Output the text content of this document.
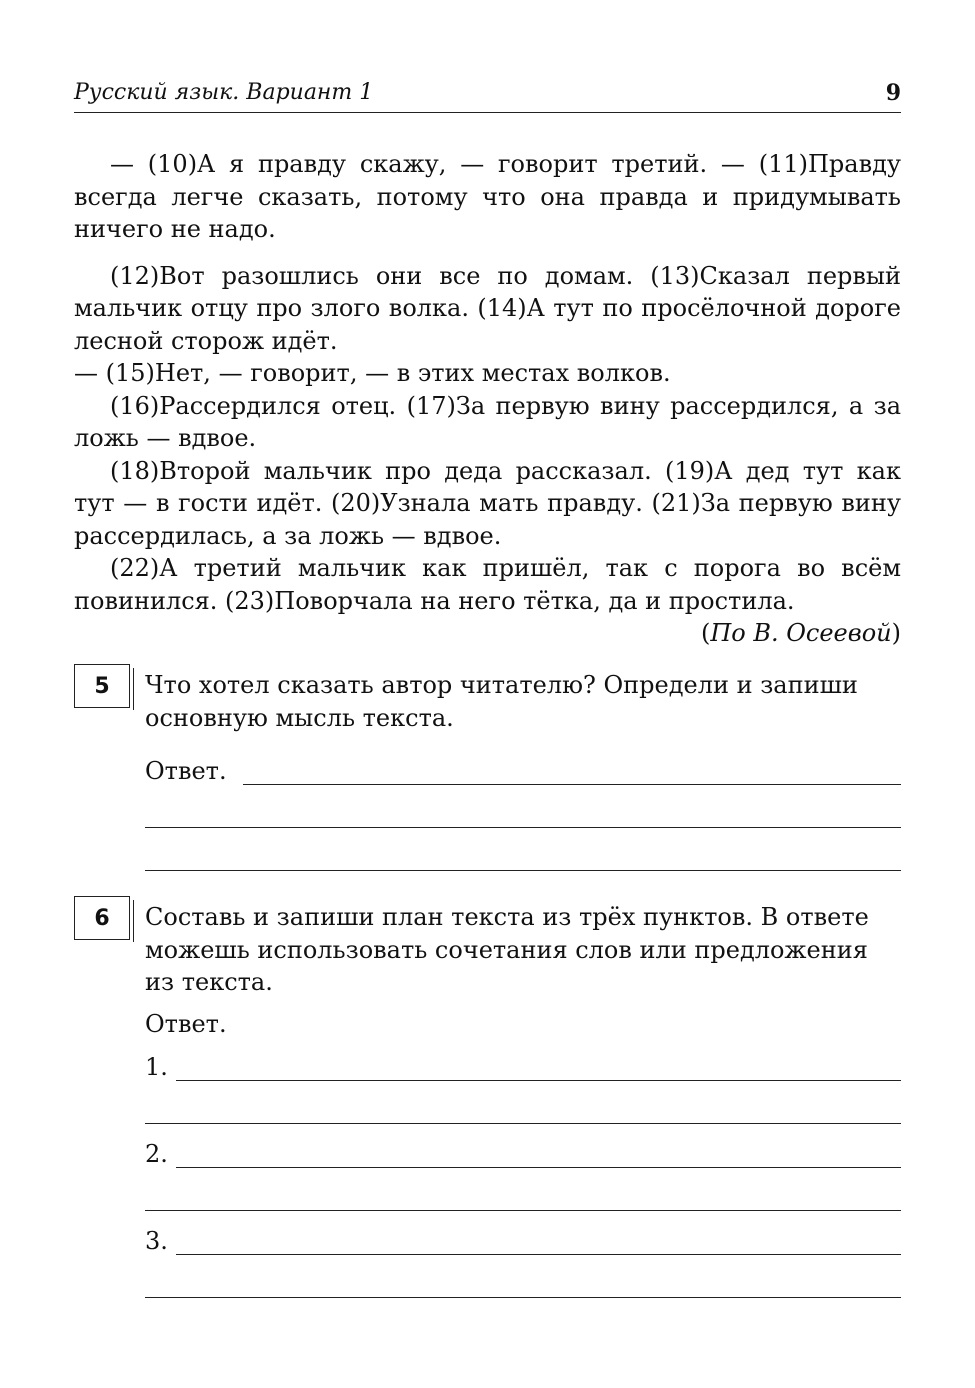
Русский язык. Вариант 1	9

— (10)А я правду скажу, — говорит третий. — (11)Правду всегда легче сказать, потому что она правда и придумывать ничего не надо.

(12)Вот разошлись они все по домам. (13)Сказал первый мальчик отцу про злого волка. (14)А тут по просёлочной дороге лесной сторож идёт.

— (15)Нет, — говорит, — в этих местах волков.

(16)Рассердился отец. (17)За первую вину рассердился, а за ложь — вдвое.

(18)Второй мальчик про деда рассказал. (19)А дед тут как тут — в гости идёт. (20)Узнала мать правду. (21)За первую вину рассердилась, а за ложь — вдвое.

(22)А третий мальчик как пришёл, так с порога во всём повинился. (23)Поворчала на него тётка, да и простила.

(По В. Осеевой)

5 Что хотел сказать автор читателю? Определи и запиши основную мысль текста.
Ответ.
6 Составь и запиши план текста из трёх пунктов. В ответе можешь использовать сочетания слов или предложения из текста.
Ответ.
1.
2.
3.
